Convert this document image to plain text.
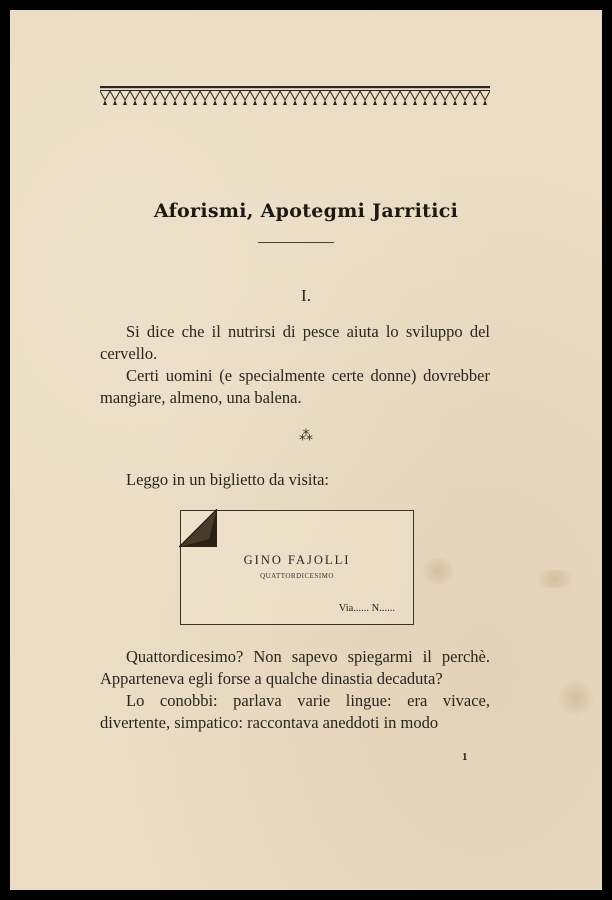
Aforismi, Apotegmi Jarritici
I.
Si dice che il nutrirsi di pesce aiuta lo sviluppo del cervello.
Certi uomini (e specialmente certe donne) dovrebber mangiare, almeno, una balena.
⁂
Leggo in un biglietto da visita:
GINO FAJOLLI
QUATTORDICESIMO
Via...... N......
Quattordicesimo? Non sapevo spiegarmi il perchè. Apparteneva egli forse a qualche dinastia decaduta?
Lo conobbi: parlava varie lingue: era vivace, divertente, simpatico: raccontava aneddoti in modo
1
